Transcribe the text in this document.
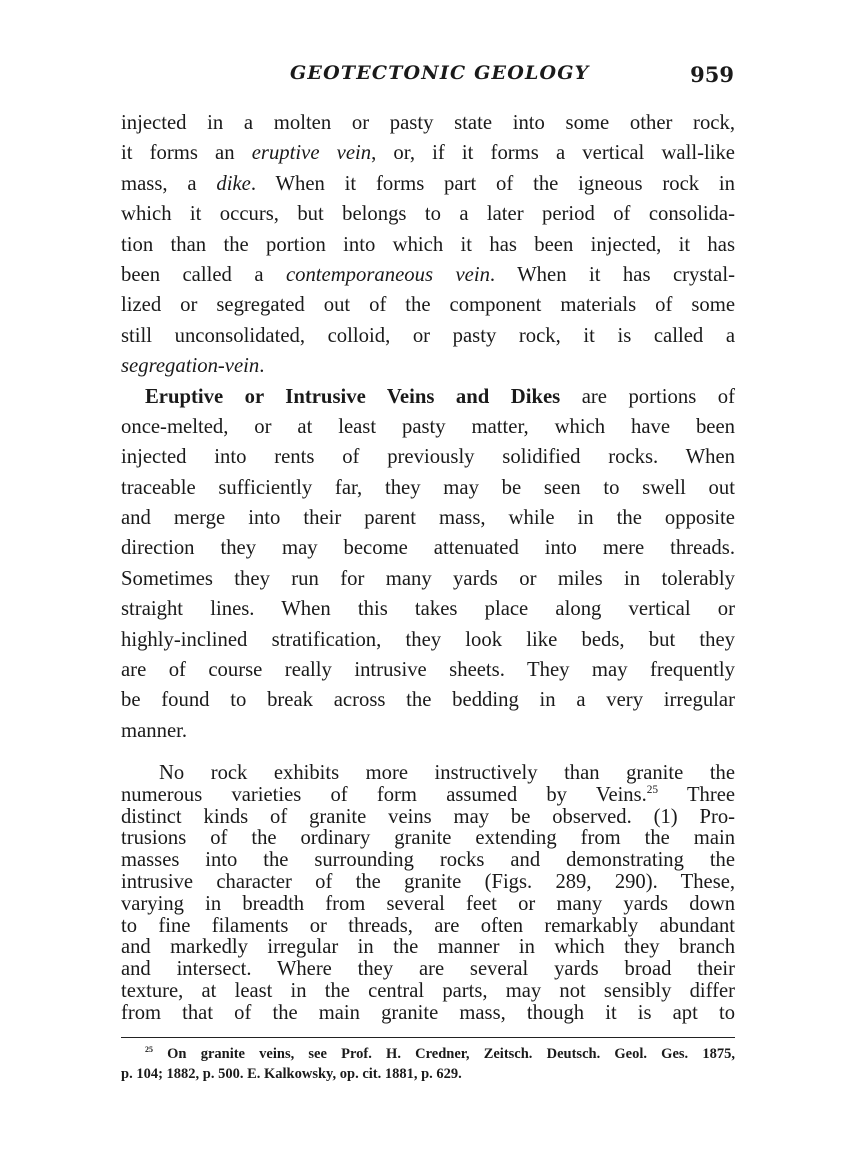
GEOTECTONIC GEOLOGY	959
injected in a molten or pasty state into some other rock,
it forms an eruptive vein, or, if it forms a vertical wall-like
mass, a dike. When it forms part of the igneous rock in
which it occurs, but belongs to a later period of consolida-
tion than the portion into which it has been injected, it has
been called a contemporaneous vein. When it has crystal-
lized or segregated out of the component materials of some
still unconsolidated, colloid, or pasty rock, it is called a
segregation-vein.
Eruptive or Intrusive Veins and Dikes are portions of
once-melted, or at least pasty matter, which have been
injected into rents of previously solidified rocks. When
traceable sufficiently far, they may be seen to swell out
and merge into their parent mass, while in the opposite
direction they may become attenuated into mere threads.
Sometimes they run for many yards or miles in tolerably
straight lines. When this takes place along vertical or
highly-inclined stratification, they look like beds, but they
are of course really intrusive sheets. They may frequently
be found to break across the bedding in a very irregular
manner.
No rock exhibits more instructively than granite the
numerous varieties of form assumed by Veins.$^{25}$ Three
distinct kinds of granite veins may be observed. (1) Pro-
trusions of the ordinary granite extending from the main
masses into the surrounding rocks and demonstrating the
intrusive character of the granite (Figs. 289, 290). These,
varying in breadth from several feet or many yards down
to fine filaments or threads, are often remarkably abundant
and markedly irregular in the manner in which they branch
and intersect. Where they are several yards broad their
texture, at least in the central parts, may not sensibly differ
from that of the main granite mass, though it is apt to
$^{25}$ On granite veins, see Prof. H. Credner, Zeitsch. Deutsch. Geol. Ges. 1875,
p. 104; 1882, p. 500. E. Kalkowsky, op. cit. 1881, p. 629.
